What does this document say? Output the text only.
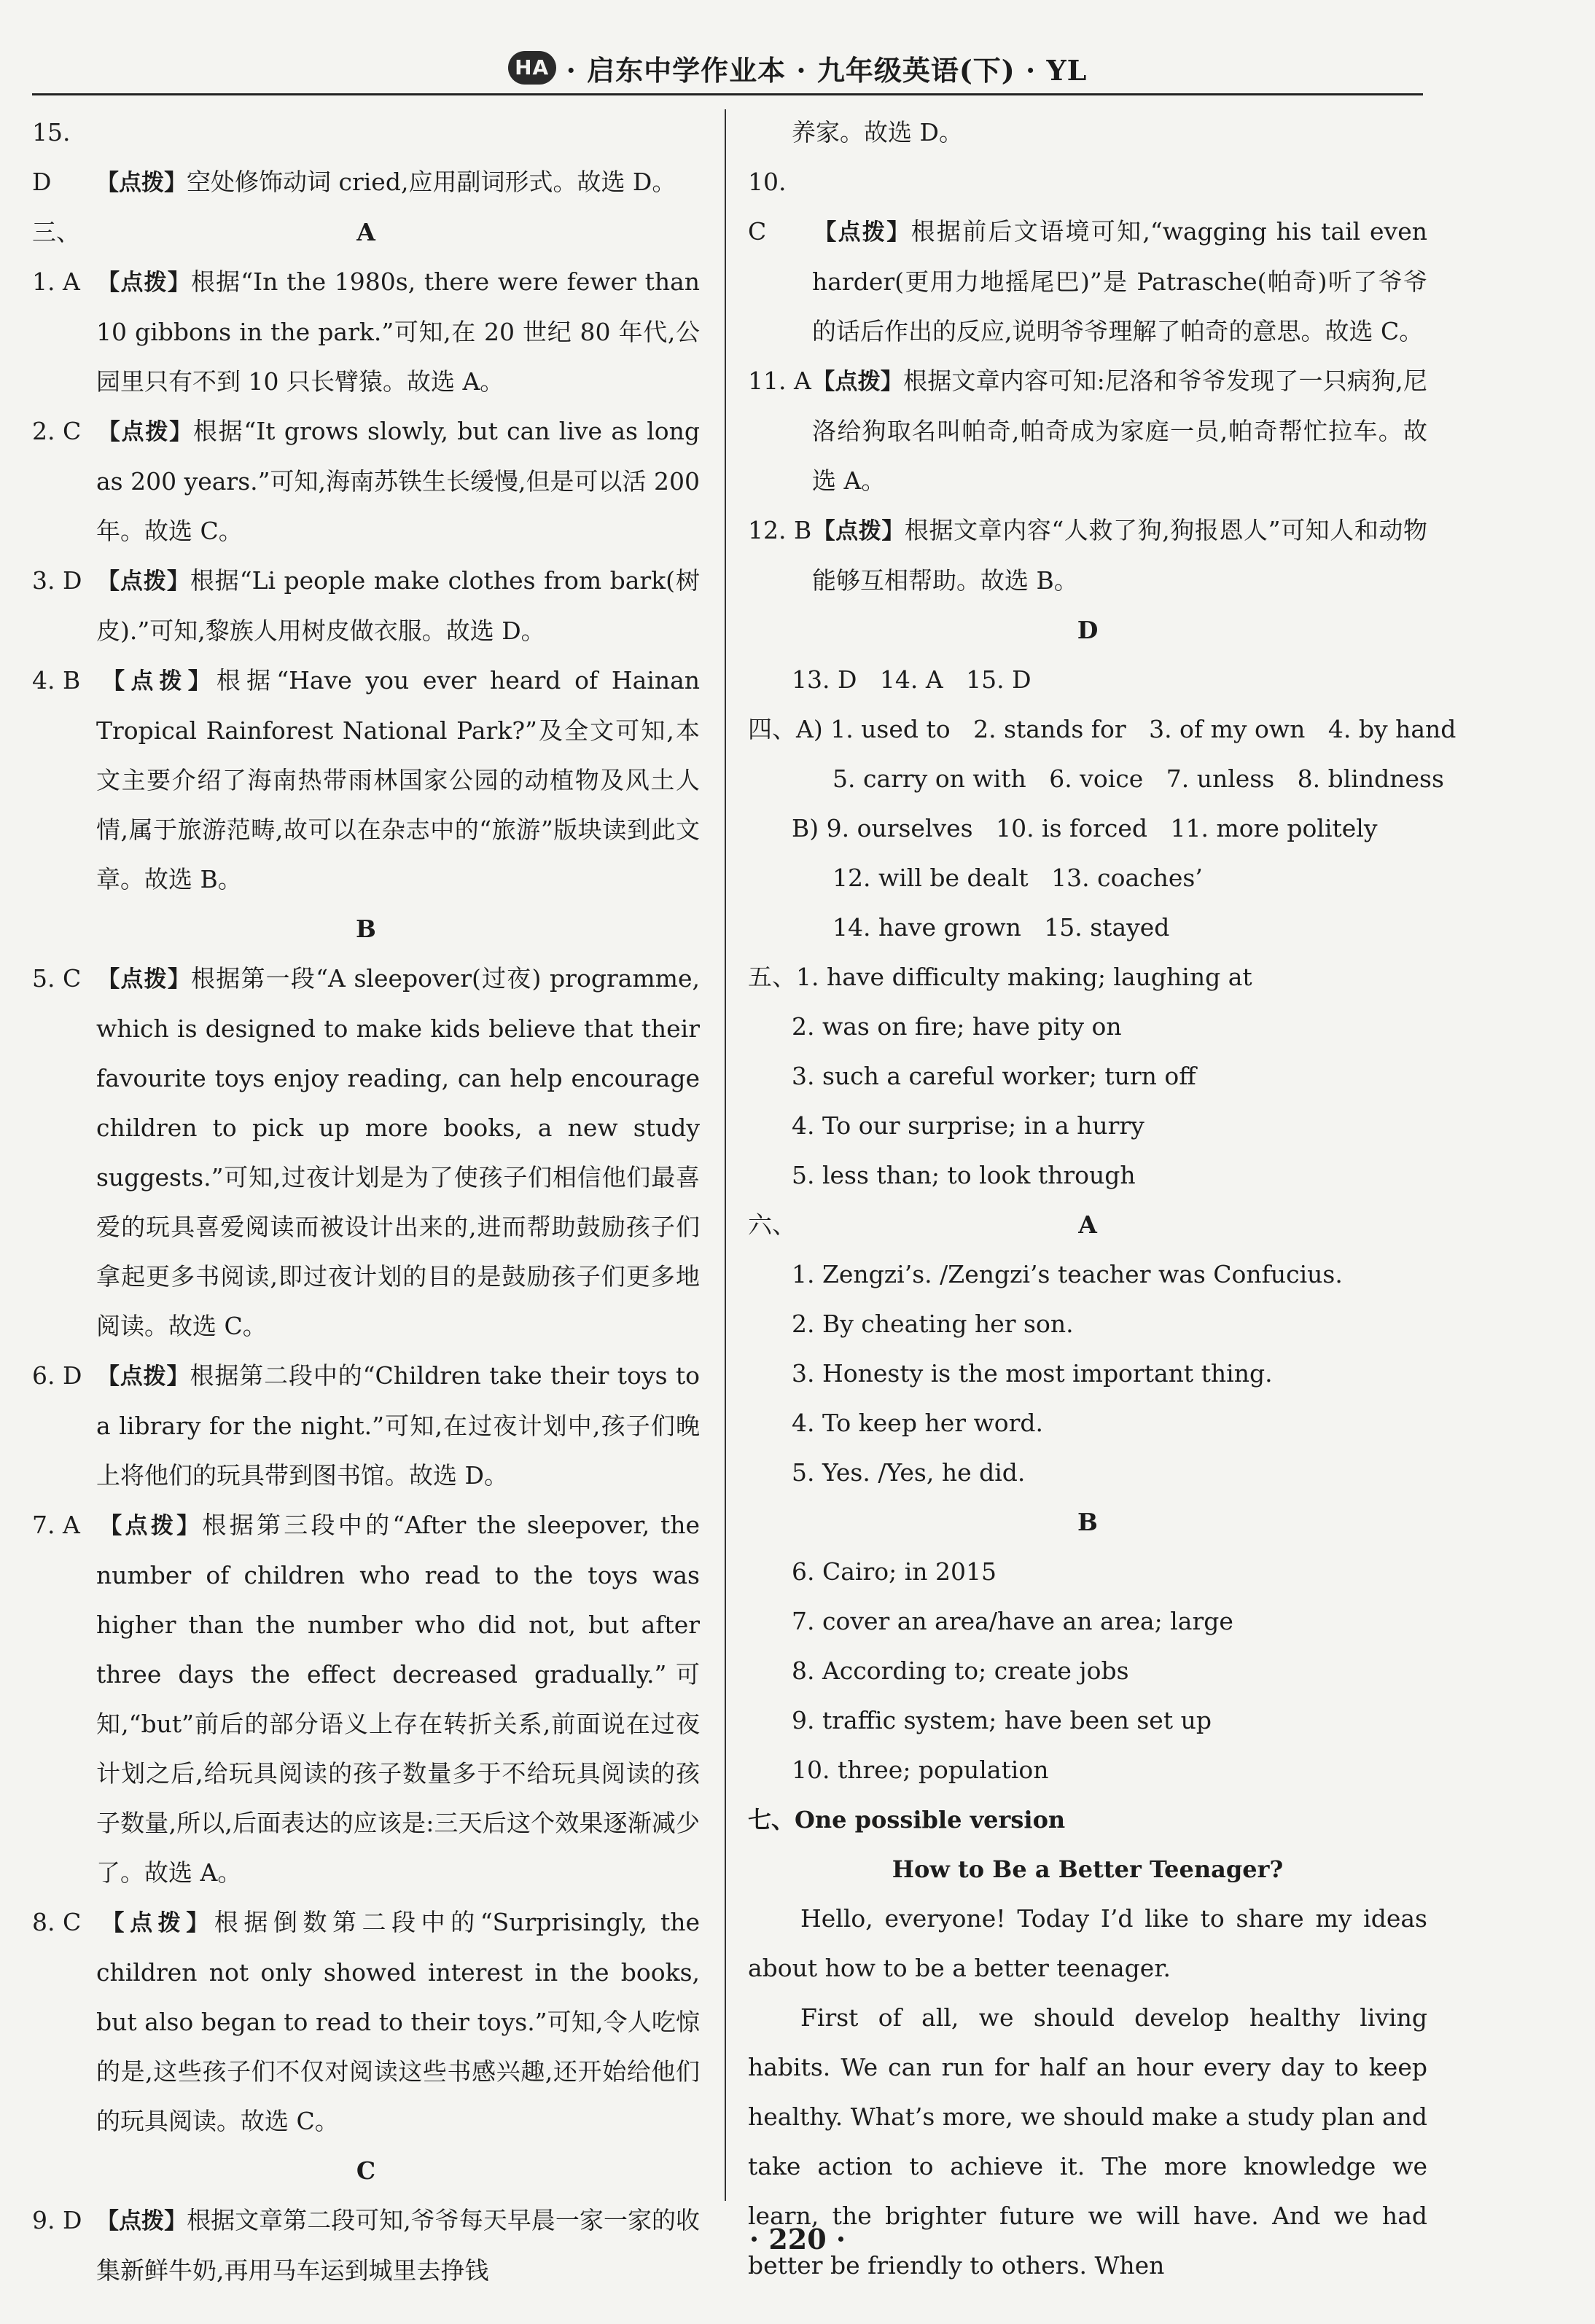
HA · 启东中学作业本 · 九年级英语(下) · YL

15. D 【点拨】空处修饰动词 cried,应用副词形式。故选 D。

三、	A

1. A 【点拨】根据“In the 1980s, there were fewer than 10 gibbons in the park.”可知,在 20 世纪 80 年代,公园里只有不到 10 只长臂猿。故选 A。

2. C 【点拨】根据“It grows slowly, but can live as long as 200 years.”可知,海南苏铁生长缓慢,但是可以活 200 年。故选 C。

3. D 【点拨】根据“Li people make clothes from bark(树皮).”可知,黎族人用树皮做衣服。故选 D。

4. B 【点拨】根据“Have you ever heard of Hainan Tropical Rainforest National Park?”及全文可知,本文主要介绍了海南热带雨林国家公园的动植物及风土人情,属于旅游范畴,故可以在杂志中的“旅游”版块读到此文章。故选 B。

B

5. C 【点拨】根据第一段“A sleepover(过夜) programme, which is designed to make kids believe that their favourite toys enjoy reading, can help encourage children to pick up more books, a new study suggests.”可知,过夜计划是为了使孩子们相信他们最喜爱的玩具喜爱阅读而被设计出来的,进而帮助鼓励孩子们拿起更多书阅读,即过夜计划的目的是鼓励孩子们更多地阅读。故选 C。

6. D 【点拨】根据第二段中的“Children take their toys to a library for the night.”可知,在过夜计划中,孩子们晚上将他们的玩具带到图书馆。故选 D。

7. A 【点拨】根据第三段中的“After the sleepover, the number of children who read to the toys was higher than the number who did not, but after three days the effect decreased gradually.”可知,“but”前后的部分语义上存在转折关系,前面说在过夜计划之后,给玩具阅读的孩子数量多于不给玩具阅读的孩子数量,所以,后面表达的应该是:三天后这个效果逐渐减少了。故选 A。

8. C 【点拨】根据倒数第二段中的“Surprisingly, the children not only showed interest in the books, but also began to read to their toys.”可知,令人吃惊的是,这些孩子们不仅对阅读这些书感兴趣,还开始给他们的玩具阅读。故选 C。

C

9. D 【点拨】根据文章第二段可知,爷爷每天早晨一家一家的收集新鲜牛奶,再用马车运到城里去挣钱

养家。故选 D。

10. C 【点拨】根据前后文语境可知,“wagging his tail even harder(更用力地摇尾巴)”是 Patrasche(帕奇)听了爷爷的话后作出的反应,说明爷爷理解了帕奇的意思。故选 C。

11. A【点拨】根据文章内容可知:尼洛和爷爷发现了一只病狗,尼洛给狗取名叫帕奇,帕奇成为家庭一员,帕奇帮忙拉车。故选 A。

12. B【点拨】根据文章内容“人救了狗,狗报恩人”可知人和动物能够互相帮助。故选 B。

D

13. D   14. A   15. D

四、A) 1. used to   2. stands for   3. of my own   4. by hand

5. carry on with   6. voice   7. unless   8. blindness

B) 9. ourselves   10. is forced   11. more politely

12. will be dealt   13. coaches’

14. have grown   15. stayed

五、1. have difficulty making; laughing at

2. was on fire; have pity on

3. such a careful worker; turn off

4. To our surprise; in a hurry

5. less than; to look through

六、	A

1. Zengzi’s. /Zengzi’s teacher was Confucius.

2. By cheating her son.

3. Honesty is the most important thing.

4. To keep her word.

5. Yes. /Yes, he did.

B

6. Cairo; in 2015

7. cover an area/have an area; large

8. According to; create jobs

9. traffic system; have been set up

10. three; population

七、One possible version

How to Be a Better Teenager?

Hello, everyone! Today I’d like to share my ideas about how to be a better teenager.

First of all, we should develop healthy living habits. We can run for half an hour every day to keep healthy. What’s more, we should make a study plan and take action to achieve it. The more knowledge we learn, the brighter future we will have. And we had better be friendly to others. When

· 220 ·
